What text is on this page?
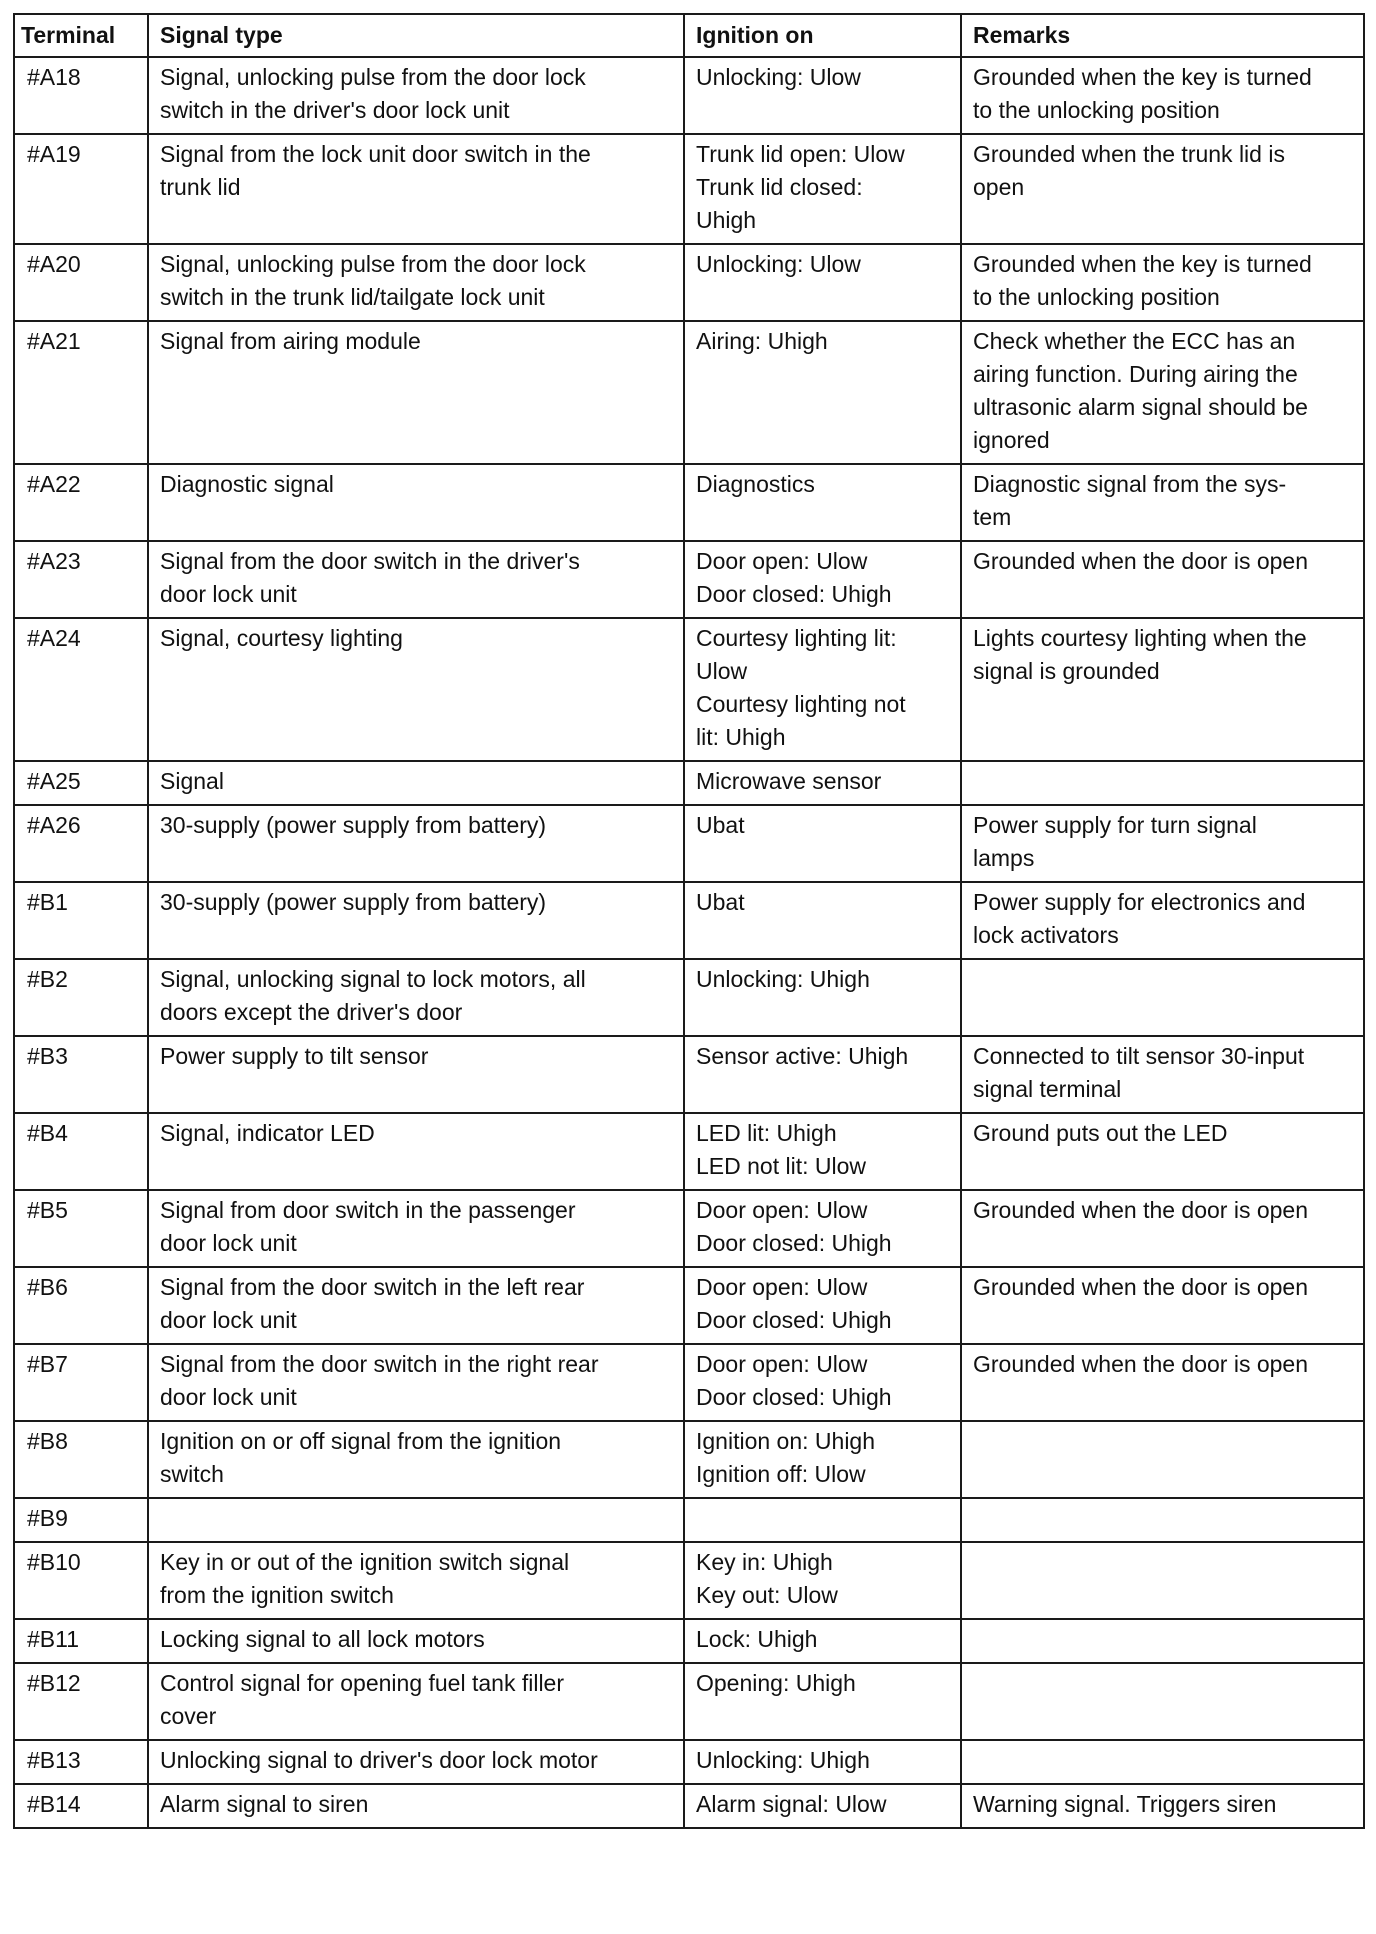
Terminal	Signal type	Ignition on	Remarks
#A18	Signal, unlocking pulse from the door lock
switch in the driver's door lock unit	Unlocking: Ulow	Grounded when the key is turned
to the unlocking position
#A19	Signal from the lock unit door switch in the
trunk lid	Trunk lid open: Ulow
Trunk lid closed:
Uhigh	Grounded when the trunk lid is
open
#A20	Signal, unlocking pulse from the door lock
switch in the trunk lid/tailgate lock unit	Unlocking: Ulow	Grounded when the key is turned
to the unlocking position
#A21	Signal from airing module	Airing: Uhigh	Check whether the ECC has an
airing function. During airing the
ultrasonic alarm signal should be
ignored
#A22	Diagnostic signal	Diagnostics	Diagnostic signal from the sys-
tem
#A23	Signal from the door switch in the driver's
door lock unit	Door open: Ulow
Door closed: Uhigh	Grounded when the door is open
#A24	Signal, courtesy lighting	Courtesy lighting lit:
Ulow
Courtesy lighting not
lit: Uhigh	Lights courtesy lighting when the
signal is grounded
#A25	Signal	Microwave sensor	
#A26	30-supply (power supply from battery)	Ubat	Power supply for turn signal
lamps
#B1	30-supply (power supply from battery)	Ubat	Power supply for electronics and
lock activators
#B2	Signal, unlocking signal to lock motors, all
doors except the driver's door	Unlocking: Uhigh	
#B3	Power supply to tilt sensor	Sensor active: Uhigh	Connected to tilt sensor 30-input
signal terminal
#B4	Signal, indicator LED	LED lit: Uhigh
LED not lit: Ulow	Ground puts out the LED
#B5	Signal from door switch in the passenger
door lock unit	Door open: Ulow
Door closed: Uhigh	Grounded when the door is open
#B6	Signal from the door switch in the left rear
door lock unit	Door open: Ulow
Door closed: Uhigh	Grounded when the door is open
#B7	Signal from the door switch in the right rear
door lock unit	Door open: Ulow
Door closed: Uhigh	Grounded when the door is open
#B8	Ignition on or off signal from the ignition
switch	Ignition on: Uhigh
Ignition off: Ulow	
#B9			
#B10	Key in or out of the ignition switch signal
from the ignition switch	Key in: Uhigh
Key out: Ulow	
#B11	Locking signal to all lock motors	Lock: Uhigh	
#B12	Control signal for opening fuel tank filler
cover	Opening: Uhigh	
#B13	Unlocking signal to driver's door lock motor	Unlocking: Uhigh	
#B14	Alarm signal to siren	Alarm signal: Ulow	Warning signal. Triggers siren
